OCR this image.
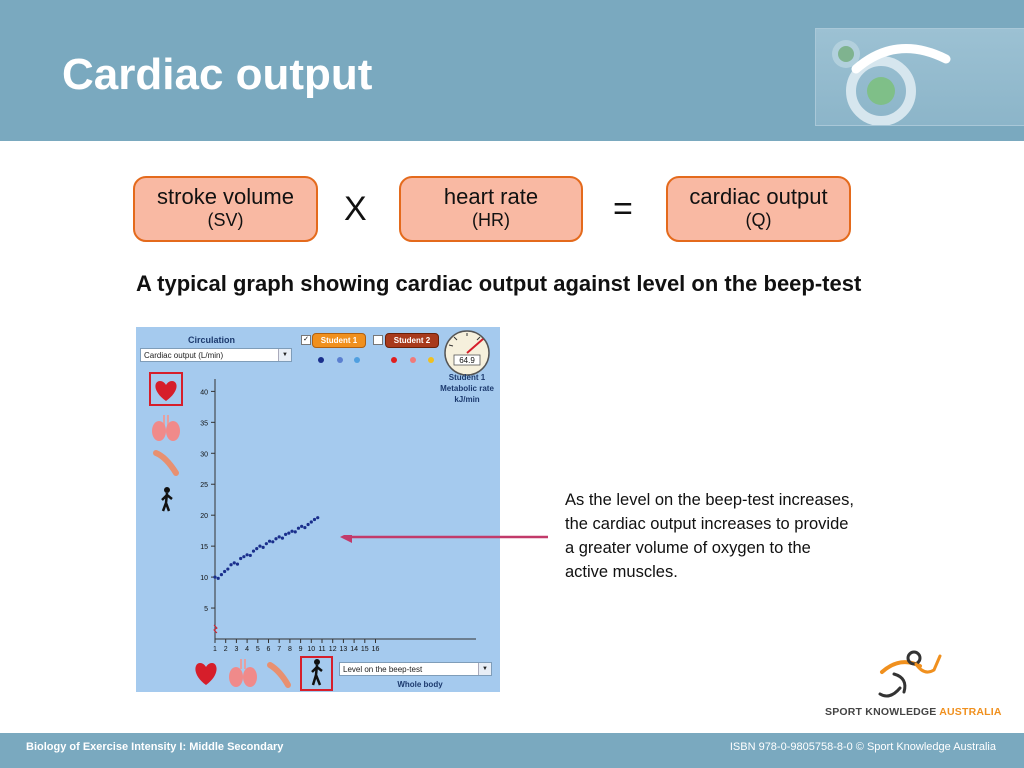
Cardiac output
stroke volume
(SV)	X	heart rate
(HR)	=	cardiac output
(Q)
A typical graph showing cardiac output against level on the beep-test
Circulation
64.9
Student 1
Metabolic rate
kJ/min
Whole body
5
10
15
20
25
30
35
40
1 2 3 4 5 6 7 8 9 10 11 12 13 14 15 16
Cardiac output (L/min)	▼
✓	Student 1	Student 2
Level on the beep-test	▼
As the level on the beep-test increases, the cardiac output increases to provide a greater volume of oxygen to the active muscles.
SPORT KNOWLEDGE AUSTRALIA
Biology of Exercise Intensity I: Middle Secondary	ISBN 978-0-9805758-8-0 © Sport Knowledge Australia
